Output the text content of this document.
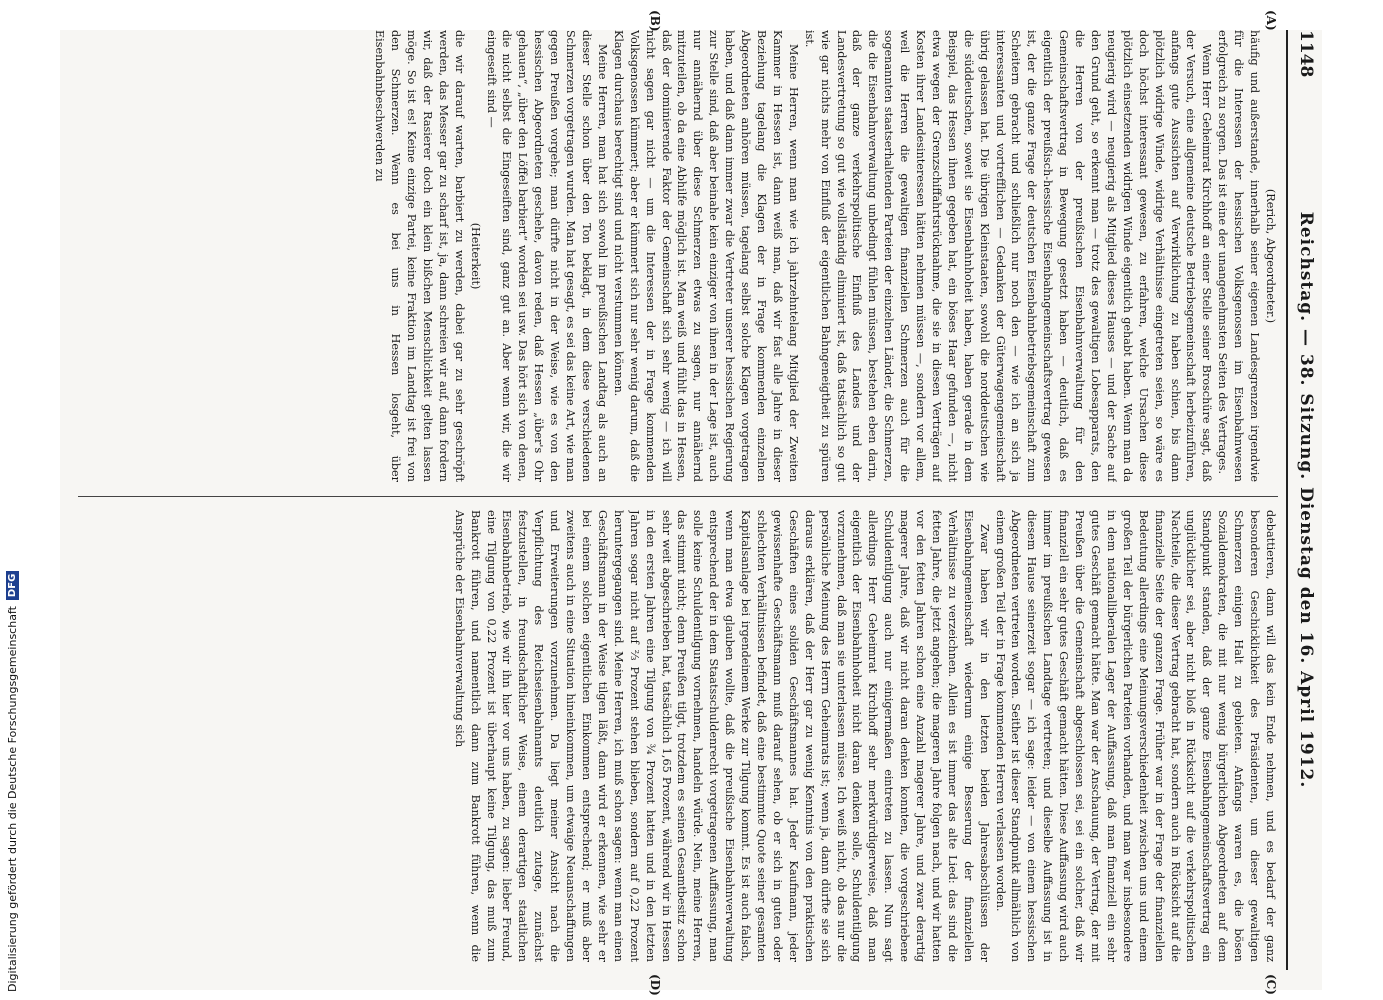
1148
Reichstag. — 38. Sitzung. Dienstag den 16. April 1912.
(A)
(B)
(C)
(D)

(Rerich, Abgeordneter.)

häufig und außerstande, innerhalb seiner eigenen Landesgrenzen irgendwie für die Interessen der hessischen Volksgenossen im Eisenbahnwesen erfolgreich zu sorgen. Das ist eine der unangenehmsten Seiten des Vertrages.

Wenn Herr Geheimrat Kirchhoff an einer Stelle seiner Broschüre sagt, daß der Versuch, eine allgemeine deutsche Betriebsgemeinschaft herbeizuführen, anfangs gute Aussichten auf Verwirklichung zu haben schien, bis dann plötzlich widrige Winde, widrige Verhältnisse eingetreten seien, so wäre es doch höchst interessant gewesen, zu erfahren, welche Ursachen diese plötzlich einsetzenden widrigen Winde eigentlich gehabt haben. Wenn man da neugierig wird — neugierig als Mitglied dieses Hauses — und der Sache auf den Grund geht, so erkennt man — trotz des gewaltigen Lobesapparats, den die Herren von der preußischen Eisenbahnverwaltung für den Gemeinschaftsvertrag in Bewegung gesetzt haben — deutlich, daß es eigentlich der preußisch-hessische Eisenbahngemeinschaftsvertrag gewesen ist, der die ganze Frage der deutschen Eisenbahnbetriebsgemeinschaft zum Scheitern gebracht und schließlich nur noch den — wie ich an sich ja interessanten und vortrefflichen — Gedanken der Güterwagengemeinschaft übrig gelassen hat. Die übrigen Kleinstaaten, sowohl die norddeutschen wie die süddeutschen, soweit sie Eisenbahnhoheit haben, haben gerade in dem Beispiel, das Hessen ihnen gegeben hat, ein böses Haar gefunden —, nicht etwa wegen der Grenzschiffahrtsrücknahme, die sie in diesen Verträgen auf Kosten ihrer Landesinteressen hätten nehmen müssen —, sondern vor allem, weil die Herren die gewaltigen finanziellen Schmerzen auch für die sogenannten staatserhaltenden Parteien der einzelnen Länder, die Schmerzen, die die Eisenbahnverwaltung unbedingt fühlen müssen, bestehen eben darin, daß der ganze verkehrspolitische Einfluß des Landes und der Landesvertretung so gut wie vollständig eliminiert ist, daß tatsächlich so gut wie gar nichts mehr von Einfluß der eigentlichen Bahngeneigtheit zu spüren ist.

Meine Herren, wenn man wie ich jahrzehntelang Mitglied der Zweiten Kammer in Hessen ist, dann weiß man, daß wir fast alle Jahre in dieser Beziehung tagelang die Klagen der in Frage kommenden einzelnen Abgeordneten anhören müssen, tagelang selbst solche Klagen vorgetragen haben, und daß dann immer zwar die Vertreter unserer hessischen Regierung zur Stelle sind, daß aber beinahe kein einziger von ihnen in der Lage ist, auch nur annähernd über diese Schmerzen etwas zu sagen, nur annähernd mitzuteilen, ob da eine Abhilfe möglich ist. Man weiß und fühlt das in Hessen, daß der dominierende Faktor der Gemeinschaft sich sehr wenig — ich will nicht sagen gar nicht — um die Interessen der in Frage kommenden Volksgenossen kümmert; aber er kümmert sich nur sehr wenig darum, daß die Klagen durchaus berechtigt sind und nicht verstummen können.

Meine Herren, man hat sich sowohl im preußischen Landtag als auch an dieser Stelle schon über den Ton beklagt, in dem diese verschiedenen Schmerzen vorgetragen wurden. Man hat gesagt, es sei das keine Art, wie man gegen Preußen vorgehe; man dürfte nicht in der Weise, wie es von den hessischen Abgeordneten geschehe, davon reden, daß Hessen „über's Ohr gehauen“, „über den Löffel barbiert“ worden sei usw. Das hört sich von denen, die nicht selbst die Eingeseiften sind, ganz gut an. Aber wenn wir, die wir eingeseift sind —

(Heiterkeit)

die wir darauf warten, barbiert zu werden, dabei gar zu sehr geschröpft werden, das Messer gar zu scharf ist, ja, dann schreien wir auf, dann fordern wir, daß der Rasierer doch ein klein bißchen Menschlichkeit gelten lassen möge. So ist es! Keine einzige Partei, keine Fraktion im Landtag ist frei von den Schmerzen. Wenn es bei uns in Hessen losgeht, über Eisenbahnbeschwerden zu

debattieren, dann will das kein Ende nehmen, und es bedarf der ganz besonderen Geschicklichkeit des Präsidenten, um dieser gewaltigen Schmerzen einigen Halt zu gebieten. Anfangs waren es, die bösen Sozialdemokraten, die mit nur wenig bürgerlichen Abgeordneten auf dem Standpunkt standen, daß der ganze Eisenbahngemeinschaftsvertrag ein unglücklicher sei, aber nicht bloß in Rücksicht auf die verkehrspolitischen Nachteile, die dieser Vertrag gebracht hat, sondern auch in Rücksicht auf die finanzielle Seite der ganzen Frage. Früher war in der Frage der finanziellen Bedeutung allerdings eine Meinungsverschiedenheit zwischen uns und einem großen Teil der bürgerlichen Parteien vorhanden, und man war insbesondere in dem nationalliberalen Lager der Auffassung, daß man finanziell ein sehr gutes Geschäft gemacht hätte. Man war der Anschauung, der Vertrag, der mit Preußen über die Gemeinschaft abgeschlossen sei, sei ein solcher, daß wir finanziell ein sehr gutes Geschäft gemacht hätten. Diese Auffassung wird auch immer im preußischen Landtage vertreten; und dieselbe Auffassung ist in diesem Hause seinerzeit sogar — ich sage: leider — von einem hessischen Abgeordneten vertreten worden. Seither ist dieser Standpunkt allmählich von einem großen Teil der in Frage kommenden Herren verlassen worden.

Zwar haben wir in den letzten beiden Jahresabschlüssen der Eisenbahngemeinschaft wiederum einige Besserung der finanziellen Verhältnisse zu verzeichnen. Allein es ist immer das alte Lied: das sind die fetten Jahre, die jetzt angehen; die mageren Jahre folgen nach, und wir hatten vor den fetten Jahren schon eine Anzahl magerer Jahre, und zwar derartig magerer Jahre, daß wir nicht daran denken konnten, die vorgeschriebene Schuldentilgung auch nur einigermaßen eintreten zu lassen. Nun sagt allerdings Herr Geheimrat Kirchhoff sehr merkwürdigerweise, daß man eigentlich der Eisenbahnhoheit nicht daran denken solle, Schuldentilgung vorzunehmen, daß man sie unterlassen müsse. Ich weiß nicht, ob das nur die persönliche Meinung des Herrn Geheimrats ist; wenn ja, dann dürfte sie sich daraus erklären, daß der Herr gar zu wenig Kenntnis von den praktischen Geschäften eines soliden Geschäftsmannes hat. Jeder Kaufmann, jeder gewissenhafte Geschäftsmann muß darauf sehen, ob er sich in guten oder schlechten Verhältnissen befindet, daß eine bestimmte Quote seiner gesamten Kapitalsanlage bei irgendeinem Werke zur Tilgung kommt. Es ist auch falsch, wenn man etwa glauben wollte, daß die preußische Eisenbahnverwaltung entsprechend der in dem Staatsschuldenrecht vorgetragenen Auffassung, man solle keine Schuldentilgung vornehmen, handeln würde. Nein, meine Herren, das stimmt nicht; denn Preußen tilgt, trotzdem es seinen Gesamtbesitz schon sehr weit abgeschrieben hat, tatsächlich 1,65 Prozent, während wir in Hessen in den ersten Jahren eine Tilgung von ¾ Prozent hatten und in den letzten Jahren sogar nicht auf ⅔ Prozent stehen blieben, sondern auf 0,22 Prozent heruntergegangen sind. Meine Herren, ich muß schon sagen: wenn man einen Geschäftsmann in der Weise tilgen läßt, dann wird er erkennen, wie sehr er bei einem solchen eigentlichen Einkommen entsprechend; er muß aber zweitens auch in eine Situation hineinkommen, um etwaige Neuanschaffungen und Erweiterungen vorzunehmen. Da liegt meiner Ansicht nach die Verpflichtung des Reichseisenbahnamts deutlich zutage, zunächst festzustellen, in freundschaftlicher Weise, einem derartigen staatlichen Eisenbahnbetrieb, wie wir ihn hier vor uns haben, zu sagen: lieber Freund, eine Tilgung von 0,22 Prozent ist überhaupt keine Tilgung, das muß zum Bankrott führen, und namentlich dann zum Bankrott führen, wenn die Ansprüche der Eisenbahnverwaltung sich

Digitalisierung gefördert durch die Deutsche Forschungsgemeinschaft
DFG
